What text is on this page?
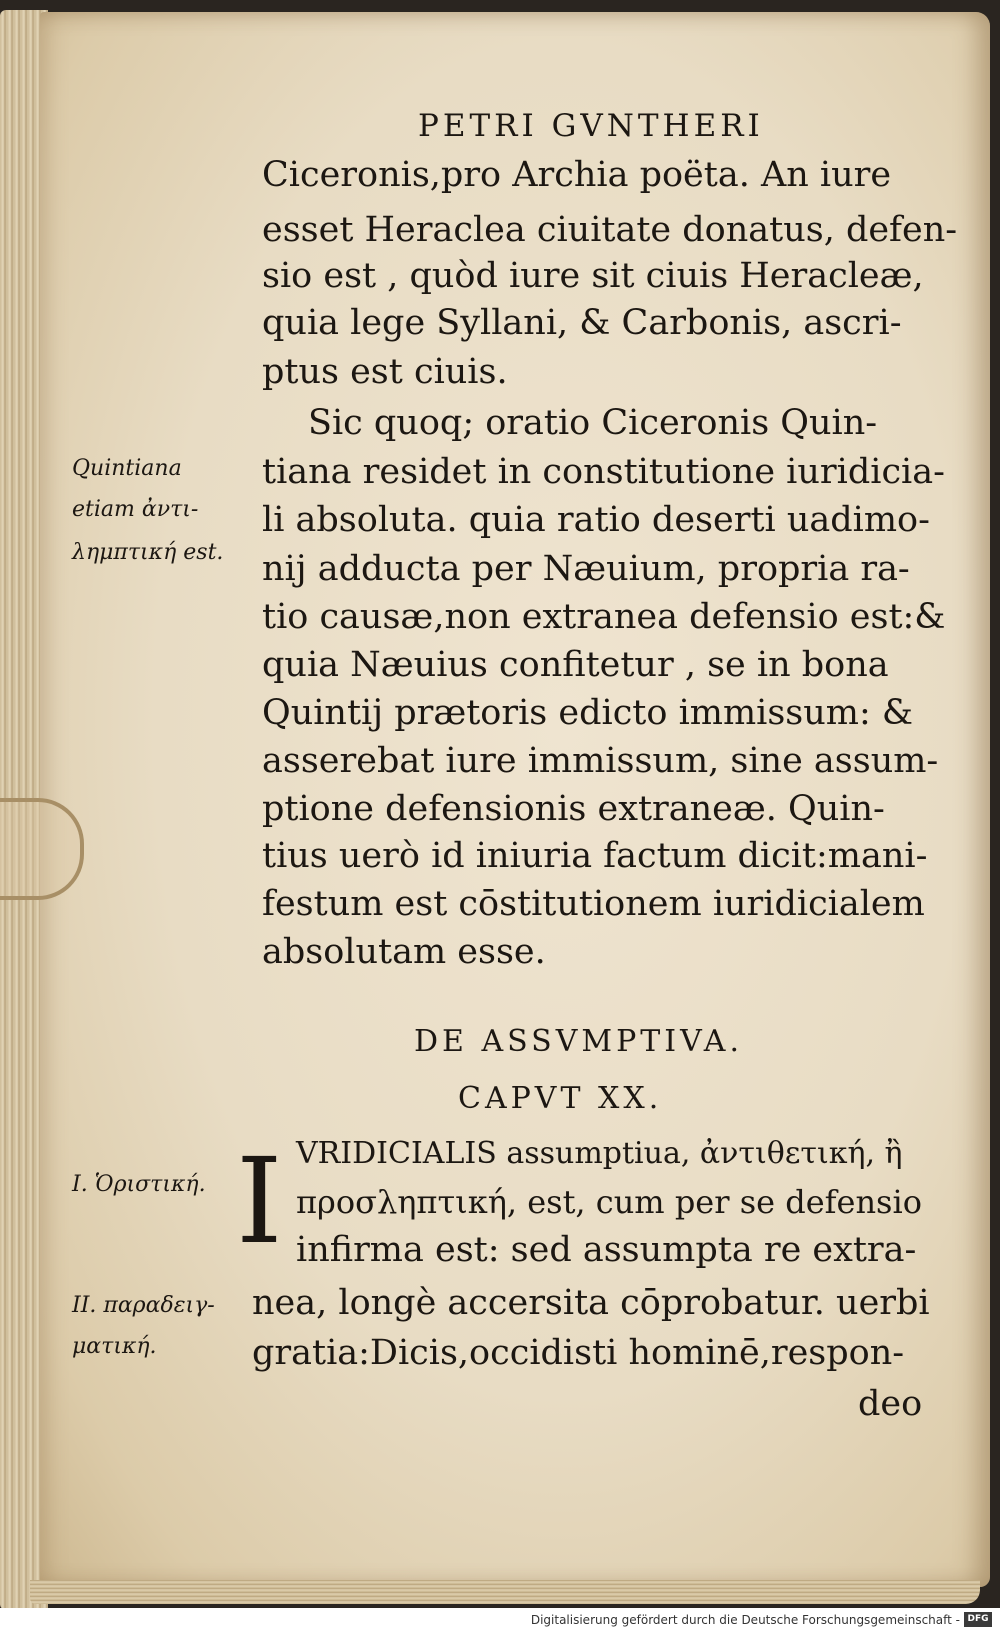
PETRI GVNTHERI
Ciceronis,pro Archia poëta. An iure
esset Heraclea ciuitate donatus, defen-
sio est , quòd iure sit ciuis Heracleæ,
quia lege Syllani, & Carbonis, ascri-
ptus est ciuis.
Sic quoq; oratio Ciceronis Quin-
tiana residet in constitutione iuridicia-
li absoluta. quia ratio deserti uadimo-
nij adducta per Næuium, propria ra-
tio causæ,non extranea defensio est:&
quia Næuius confitetur , se in bona
Quintij prætoris edicto immissum: &
asserebat iure immissum, sine assum-
ptione defensionis extraneæ. Quin-
tius uerò id iniuria factum dicit:mani-
festum est cōstitutionem iuridicialem
absolutam esse.
Quintiana
etiam ἀντι-
λημπτική est.
DE ASSVMPTIVA.
CAPVT XX.
I VRIDICIALIS assumptiua, ἀντιθετική, ἢ
προσληπτική, est, cum per se defensio
infirma est: sed assumpta re extra-
nea, longè accersita cōprobatur. uerbi
gratia:Dicis,occidisti hominē,respon-
deo
I. Ὁριστική.
II. παραδειγ-
ματική.
Digitalisierung gefördert durch die Deutsche Forschungsgemeinschaft - DFG
